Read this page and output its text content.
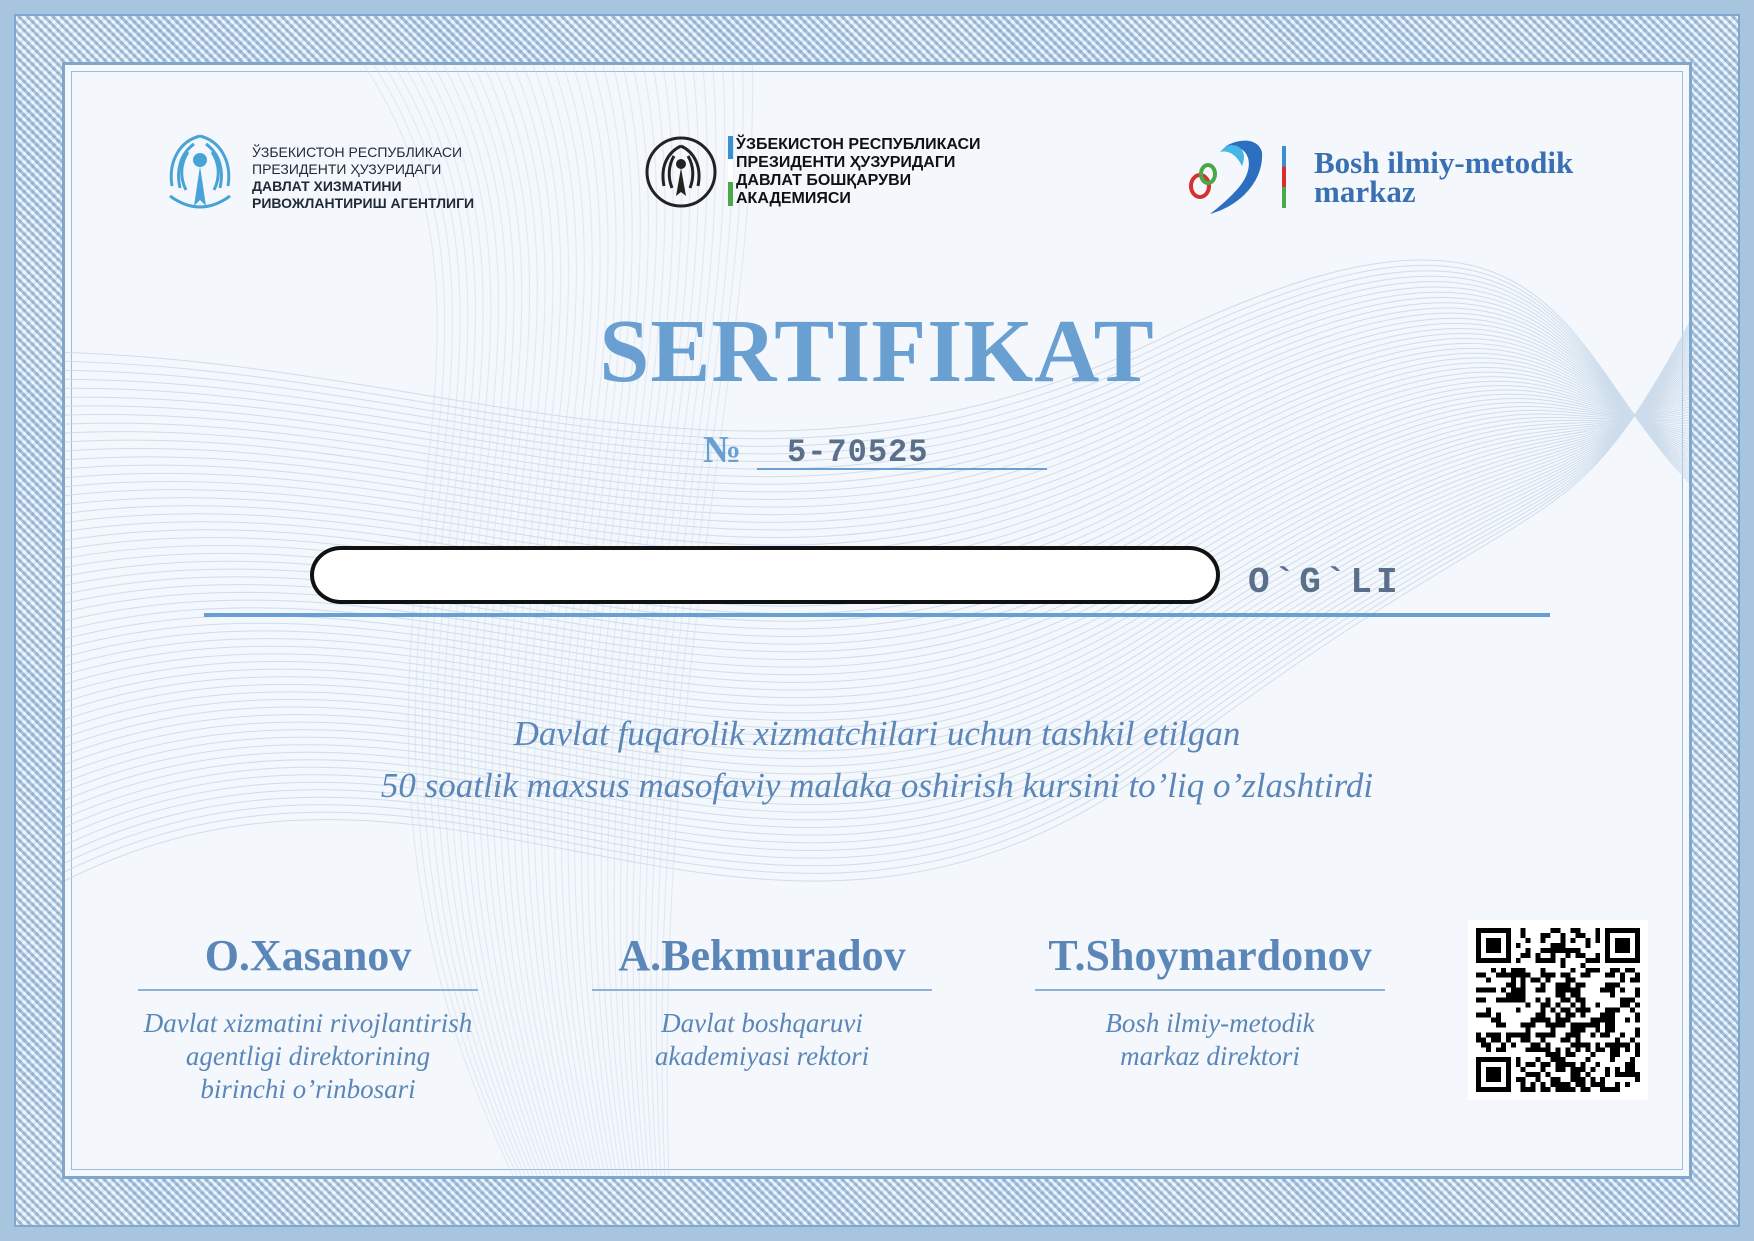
ЎЗБЕКИСТОН РЕСПУБЛИКАСИ
ПРЕЗИДЕНТИ ҲУЗУРИДАГИ
ДАВЛАТ ХИЗМАТИНИ
РИВОЖЛАНТИРИШ АГЕНТЛИГИ
ЎЗБЕКИСТОН РЕСПУБЛИКАСИ
ПРЕЗИДЕНТИ ҲУЗУРИДАГИ
ДАВЛАТ БОШҚАРУВИ
АКАДЕМИЯСИ
Bosh ilmiy-metodik
markaz
SERTIFIKAT
№	5-70525
O`G`LI
Davlat fuqarolik xizmatchilari uchun tashkil etilgan
50 soatlik maxsus masofaviy malaka oshirish kursini to’liq o’zlashtirdi
O.Xasanov
Davlat xizmatini rivojlantirish
agentligi direktorining
birinchi o’rinbosari
A.Bekmuradov
Davlat boshqaruvi
akademiyasi rektori
T.Shoymardonov
Bosh ilmiy-metodik
markaz direktori
